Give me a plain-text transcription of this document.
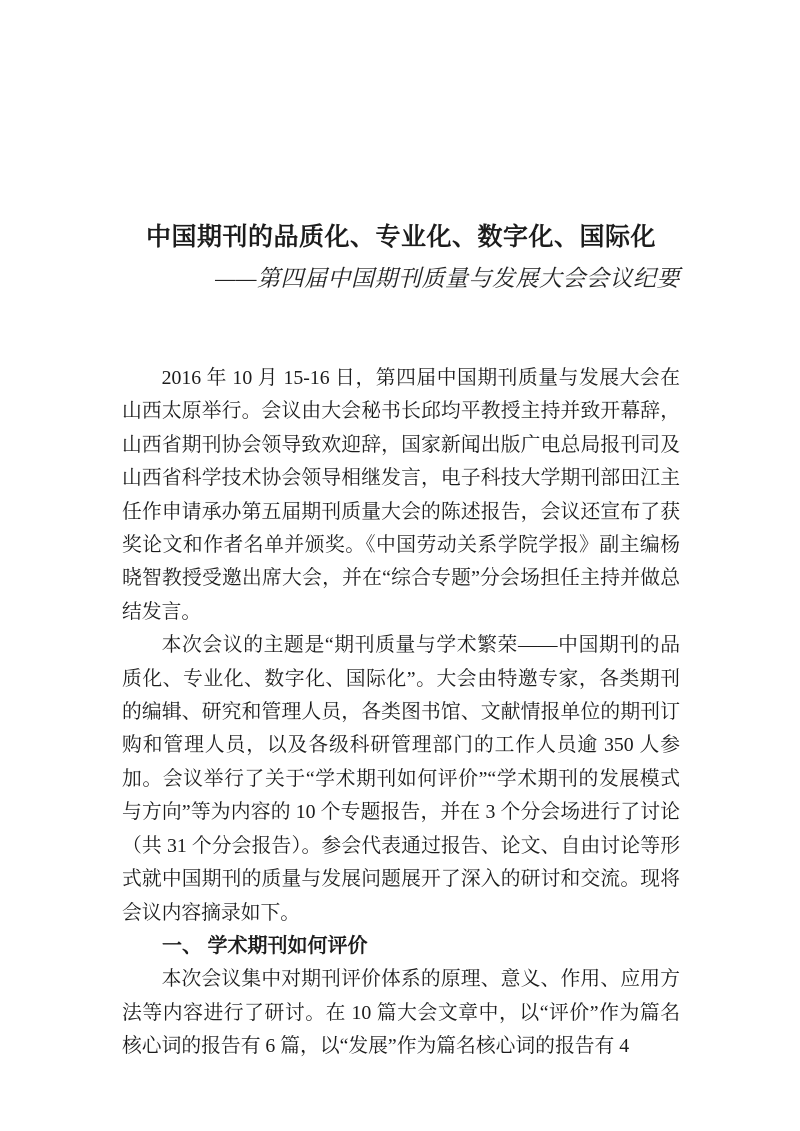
中国期刊的品质化、专业化、数字化、国际化
——第四届中国期刊质量与发展大会会议纪要

2016 年 10 月 15-16 日，第四届中国期刊质量与发展大会在山西太原举行。会议由大会秘书长邱均平教授主持并致开幕辞，山西省期刊协会领导致欢迎辞，国家新闻出版广电总局报刊司及山西省科学技术协会领导相继发言，电子科技大学期刊部田江主任作申请承办第五届期刊质量大会的陈述报告，会议还宣布了获奖论文和作者名单并颁奖。《中国劳动关系学院学报》副主编杨晓智教授受邀出席大会，并在“综合专题”分会场担任主持并做总结发言。

本次会议的主题是“期刊质量与学术繁荣——中国期刊的品质化、专业化、数字化、国际化”。大会由特邀专家，各类期刊的编辑、研究和管理人员，各类图书馆、文献情报单位的期刊订购和管理人员，以及各级科研管理部门的工作人员逾 350 人参加。会议举行了关于“学术期刊如何评价”“学术期刊的发展模式与方向”等为内容的 10 个专题报告，并在 3 个分会场进行了讨论（共 31 个分会报告）。参会代表通过报告、论文、自由讨论等形式就中国期刊的质量与发展问题展开了深入的研讨和交流。现将会议内容摘录如下。

一、 学术期刊如何评价

本次会议集中对期刊评价体系的原理、意义、作用、应用方法等内容进行了研讨。在 10 篇大会文章中，以“评价”作为篇名核心词的报告有 6 篇，以“发展”作为篇名核心词的报告有 4
